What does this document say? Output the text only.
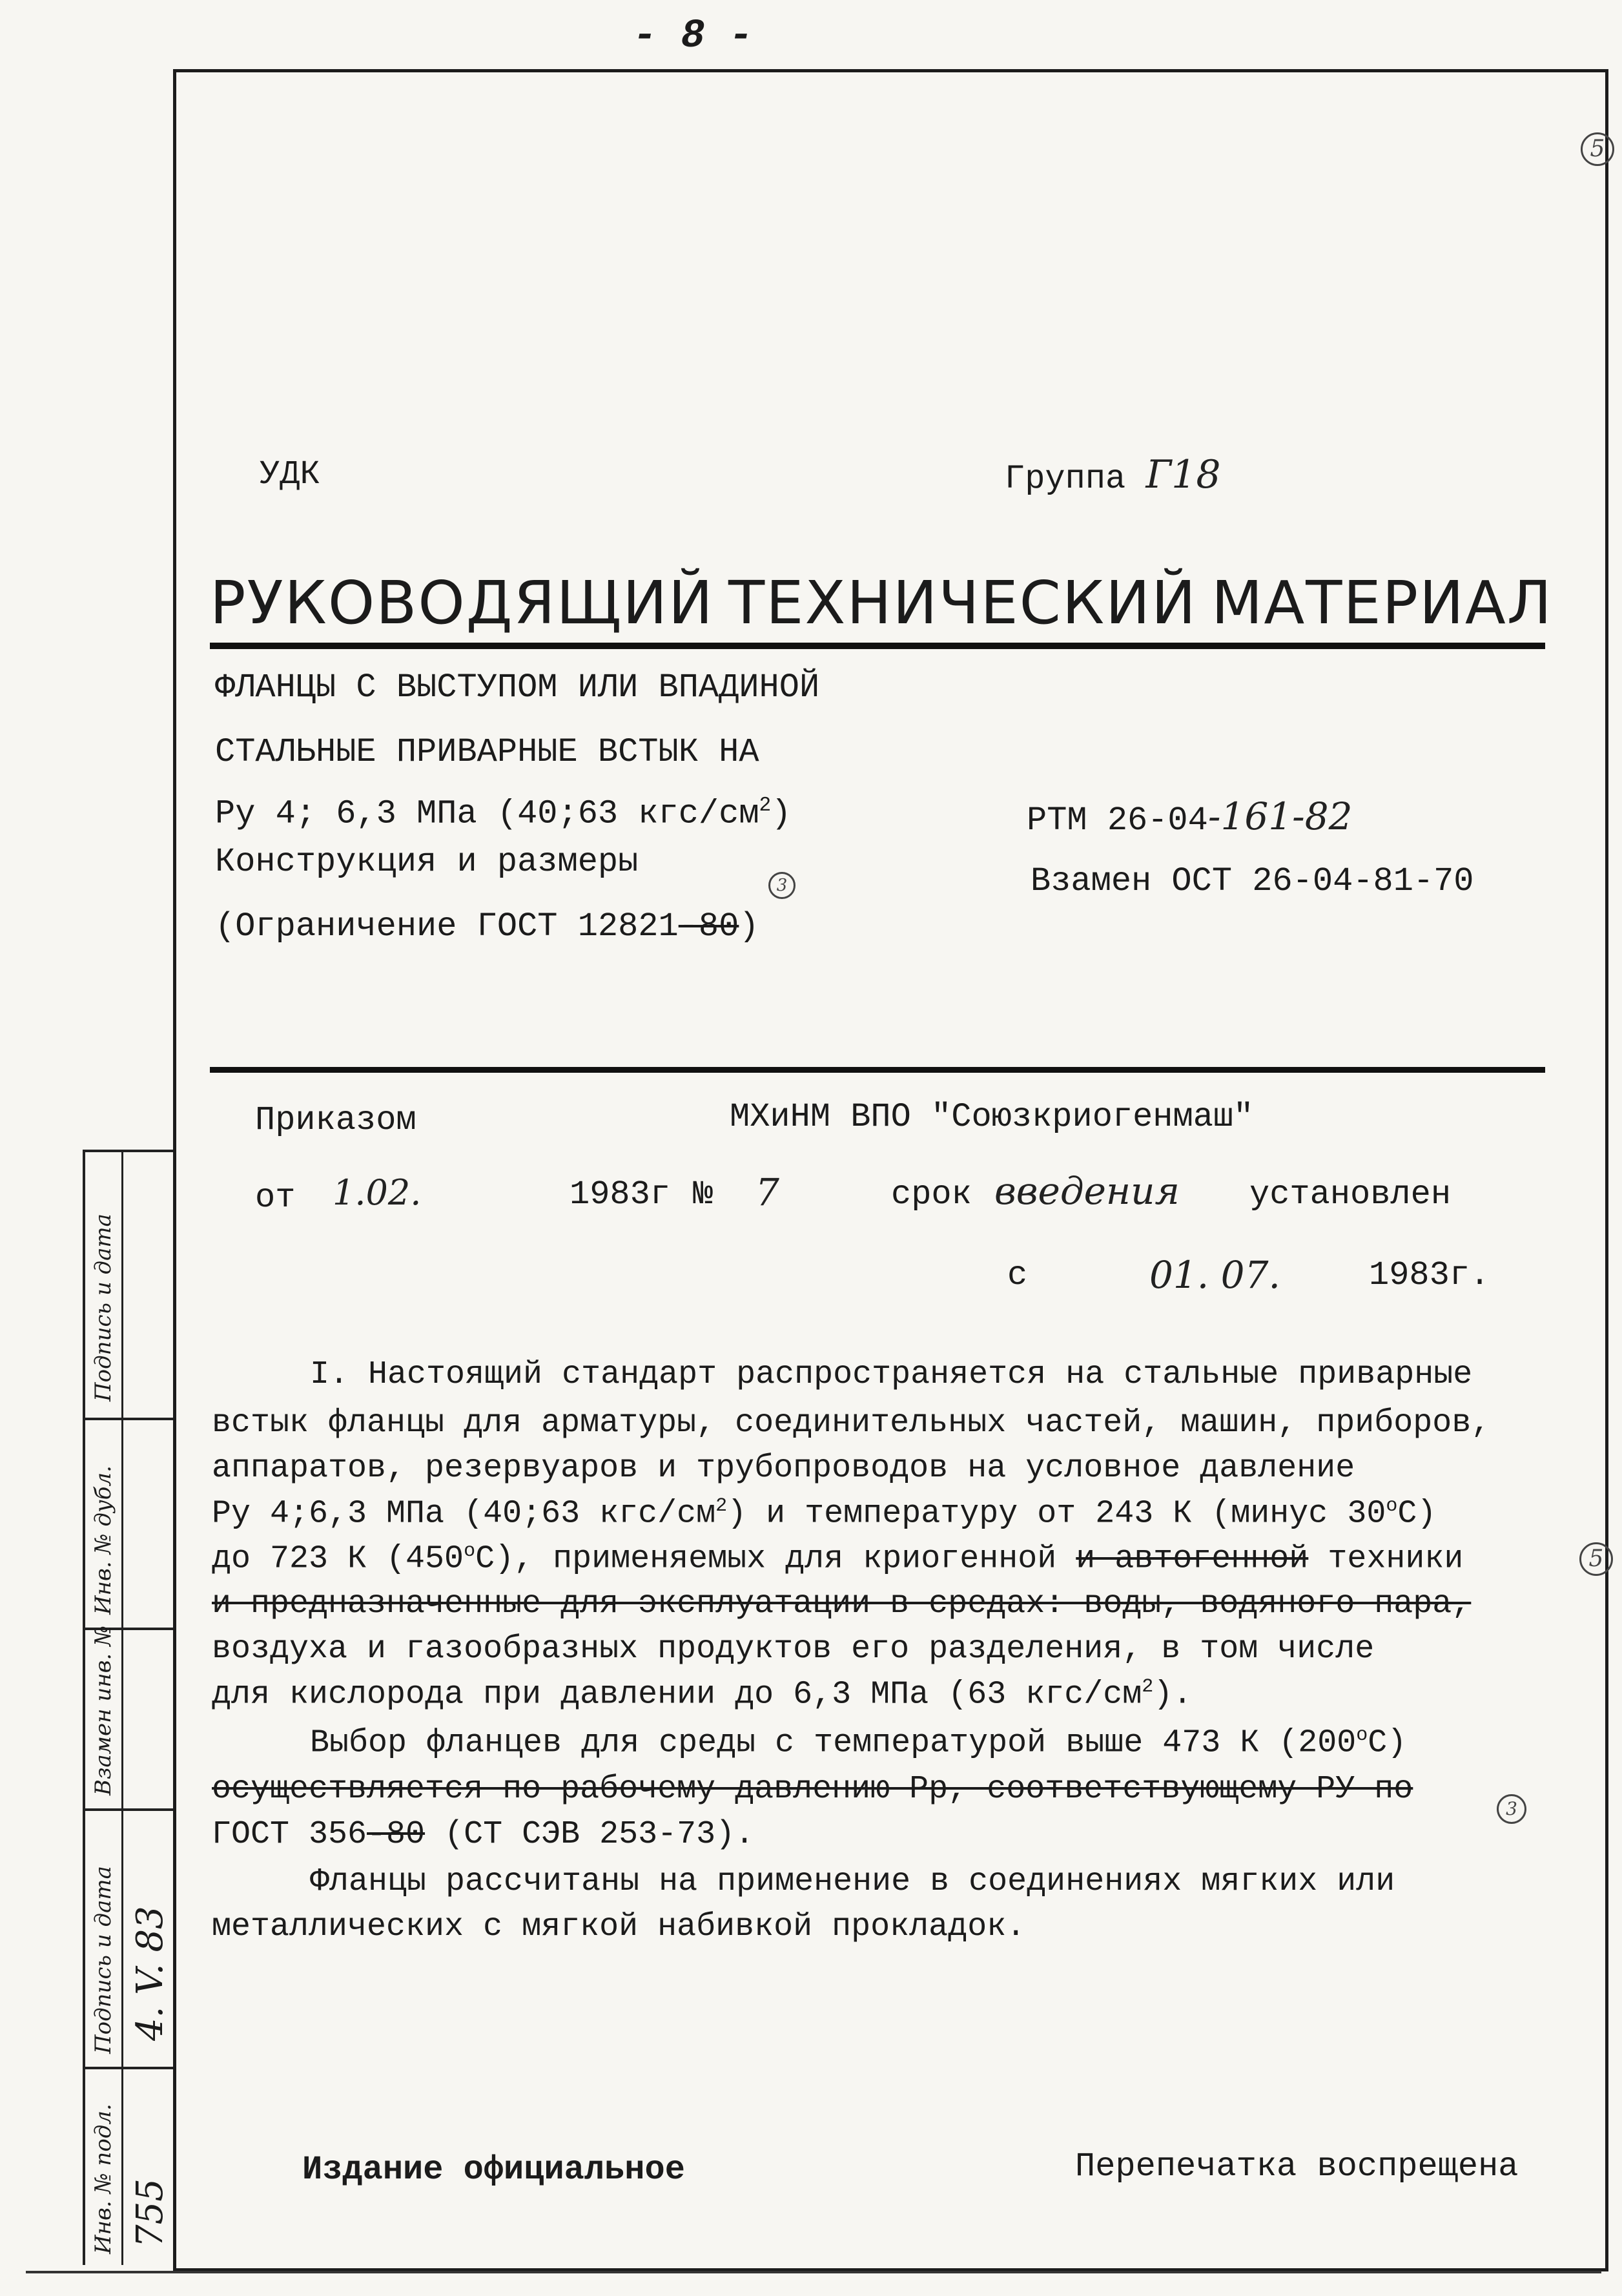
- 8 -
5
5
3
3
УДК	Группа Г18
РУКОВОДЯЩИЙ ТЕХНИЧЕСКИЙ МАТЕРИАЛ
ФЛАНЦЫ С ВЫСТУПОМ ИЛИ ВПАДИНОЙ
СТАЛЬНЫЕ ПРИВАРНЫЕ ВСТЫК НА
Ру 4; 6,3 МПа (40;63 кгс/$см^2$)
Конструкция и размеры
(Ограничение ГОСТ 12821-80)
РТМ 26-04-161-82
Взамен ОСТ 26-04-81-70
Приказом	МХиНМ ВПО "Союзкриогенмаш"
от 1.02.	1983г № 7	срок введения установлен
с	01. 07.	1983г.
I. Настоящий стандарт распространяется на стальные приварные
встык фланцы для арматуры, соединительных частей, машин, приборов,
аппаратов, резервуаров и трубопроводов на условное давление
Ру 4;6,3 МПа (40;63 кгс/$см^2$) и температуру от 243 К (минус 30$^o$С)
до 723 К (450$^o$С), применяемых для криогенной и автогенной техники
и предназначенные для эксплуатации в средах: воды, водяного пара,
воздуха и газообразных продуктов его разделения, в том числе
для кислорода при давлении до 6,3 МПа (63 кгс/$см^2$).
Выбор фланцев для среды с температурой выше 473 К (200$^o$С)
осуществляется по рабочему давлению Рр, соответствующему РУ по
ГОСТ 356-80 (СТ СЭВ 253-73).
Фланцы рассчитаны на применение в соединениях мягких или
металлических с мягкой набивкой прокладок.
Издание официальное	Перепечатка воспрещена
Инв. № подл.
Подпись и дата
Взамен инв. №
Инв. № дубл.
Подпись и дата
755
4. V. 83
